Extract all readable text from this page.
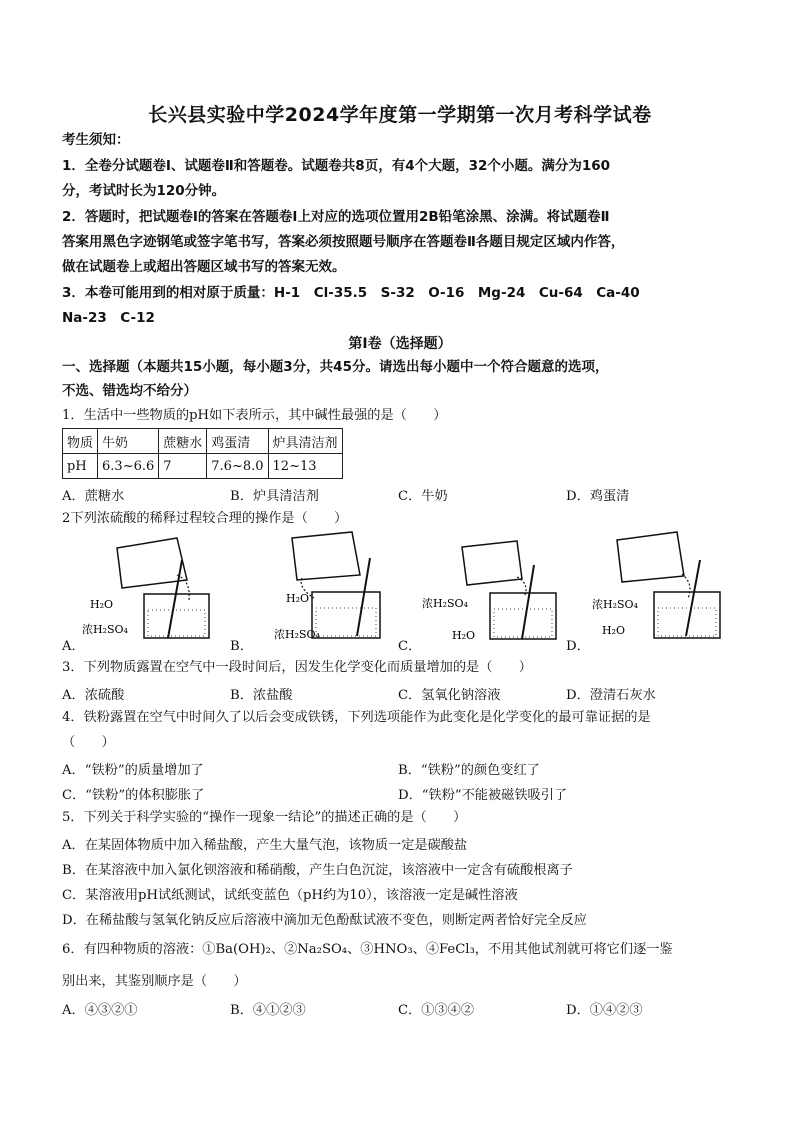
长兴县实验中学2024学年度第一学期第一次月考科学试卷
考生须知：
1．全卷分试题卷Ⅰ、试题卷Ⅱ和答题卷。试题卷共8页，有4个大题，32个小题。满分为160
分，考试时长为120分钟。
2．答题时，把试题卷Ⅰ的答案在答题卷Ⅰ上对应的选项位置用2B铅笔涂黑、涂满。将试题卷Ⅱ
答案用黑色字迹钢笔或签字笔书写，答案必须按照题号顺序在答题卷Ⅱ各题目规定区域内作答，
做在试题卷上或超出答题区域书写的答案无效。
3．本卷可能用到的相对原于质量：H-1　Cl-35.5　S-32　O-16　Mg-24　Cu-64　Ca-40
Na-23　C-12
第Ⅰ卷（选择题）
一、选择题（本题共15小题，每小题3分，共45分。请选出每小题中一个符合题意的选项，
不选、错选均不给分）
1．生活中一些物质的pH如下表所示，其中碱性最强的是（　　）
物质	牛奶	蔗糖水	鸡蛋清	炉具清洁剂
pH	6.3~6.6	7	7.6~8.0	12~13
A．蔗糖水	B．炉具清洁剂	C．牛奶	D．鸡蛋清
2下列浓硫酸的稀释过程较合理的操作是（　　）
H₂O
浓H₂SO₄
H₂O
浓H₂SO₄
浓H₂SO₄
H₂O
浓H₂SO₄
H₂O
A．	B．	C．	D．
3．下列物质露置在空气中一段时间后，因发生化学变化而质量增加的是（　　）
A．浓硫酸	B．浓盐酸	C．氢氧化钠溶液	D．澄清石灰水
4．铁粉露置在空气中时间久了以后会变成铁锈，下列选项能作为此变化是化学变化的最可靠证据的是
（　　）
A．“铁粉”的质量增加了	B．“铁粉”的颜色变红了
C．“铁粉”的体积膨胀了	D．“铁粉”不能被磁铁吸引了
5．下列关于科学实验的“操作一现象一结论”的描述正确的是（　　）
A．在某固体物质中加入稀盐酸，产生大量气泡，该物质一定是碳酸盐
B．在某溶液中加入氯化钡溶液和稀硝酸，产生白色沉淀，该溶液中一定含有硫酸根离子
C．某溶液用pH试纸测试，试纸变蓝色（pH约为10），该溶液一定是碱性溶液
D．在稀盐酸与氢氧化钠反应后溶液中滴加无色酚酞试液不变色，则断定两者恰好完全反应
6．有四种物质的溶液：①Ba(OH)₂、②Na₂SO₄、③HNO₃、④FeCl₃，不用其他试剂就可将它们逐一鉴
别出来，其鉴别顺序是（　　）
A．④③②①	B．④①②③	C．①③④②	D．①④②③
